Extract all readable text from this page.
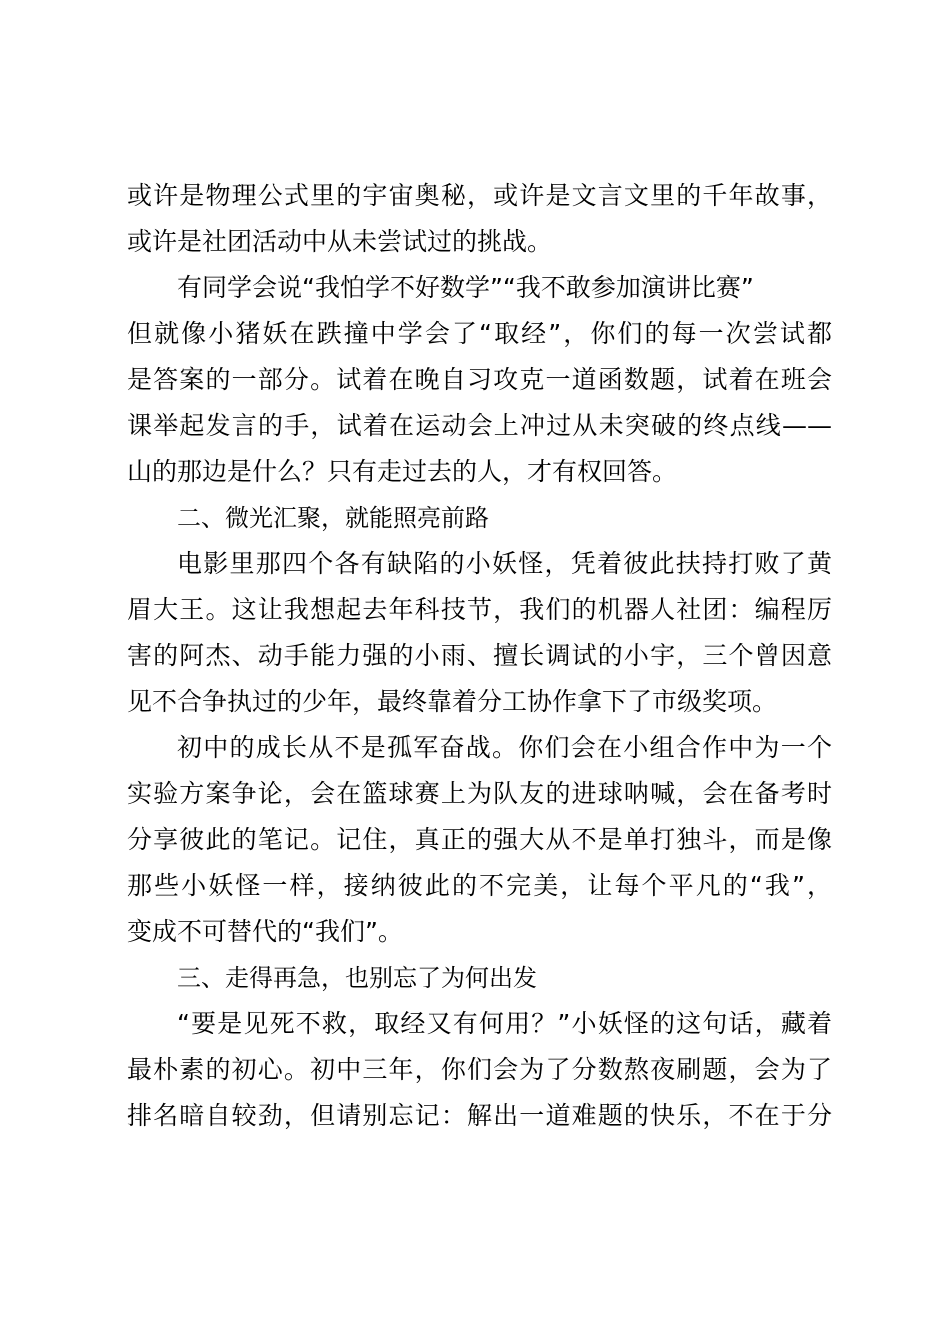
或许是物理公式里的宇宙奥秘，或许是文言文里的千年故事，
或许是社团活动中从未尝试过的挑战。
有同学会说“我怕学不好数学”“我不敢参加演讲比赛”
但就像小猪妖在跌撞中学会了“取经”，你们的每一次尝试都
是答案的一部分。试着在晚自习攻克一道函数题，试着在班会
课举起发言的手，试着在运动会上冲过从未突破的终点线——
山的那边是什么？只有走过去的人，才有权回答。
二、微光汇聚，就能照亮前路
电影里那四个各有缺陷的小妖怪，凭着彼此扶持打败了黄
眉大王。这让我想起去年科技节，我们的机器人社团：编程厉
害的阿杰、动手能力强的小雨、擅长调试的小宇，三个曾因意
见不合争执过的少年，最终靠着分工协作拿下了市级奖项。
初中的成长从不是孤军奋战。你们会在小组合作中为一个
实验方案争论，会在篮球赛上为队友的进球呐喊，会在备考时
分享彼此的笔记。记住，真正的强大从不是单打独斗，而是像
那些小妖怪一样，接纳彼此的不完美，让每个平凡的“我”，
变成不可替代的“我们”。
三、走得再急，也别忘了为何出发
“要是见死不救，取经又有何用？”小妖怪的这句话，藏着
最朴素的初心。初中三年，你们会为了分数熬夜刷题，会为了
排名暗自较劲，但请别忘记：解出一道难题的快乐，不在于分
